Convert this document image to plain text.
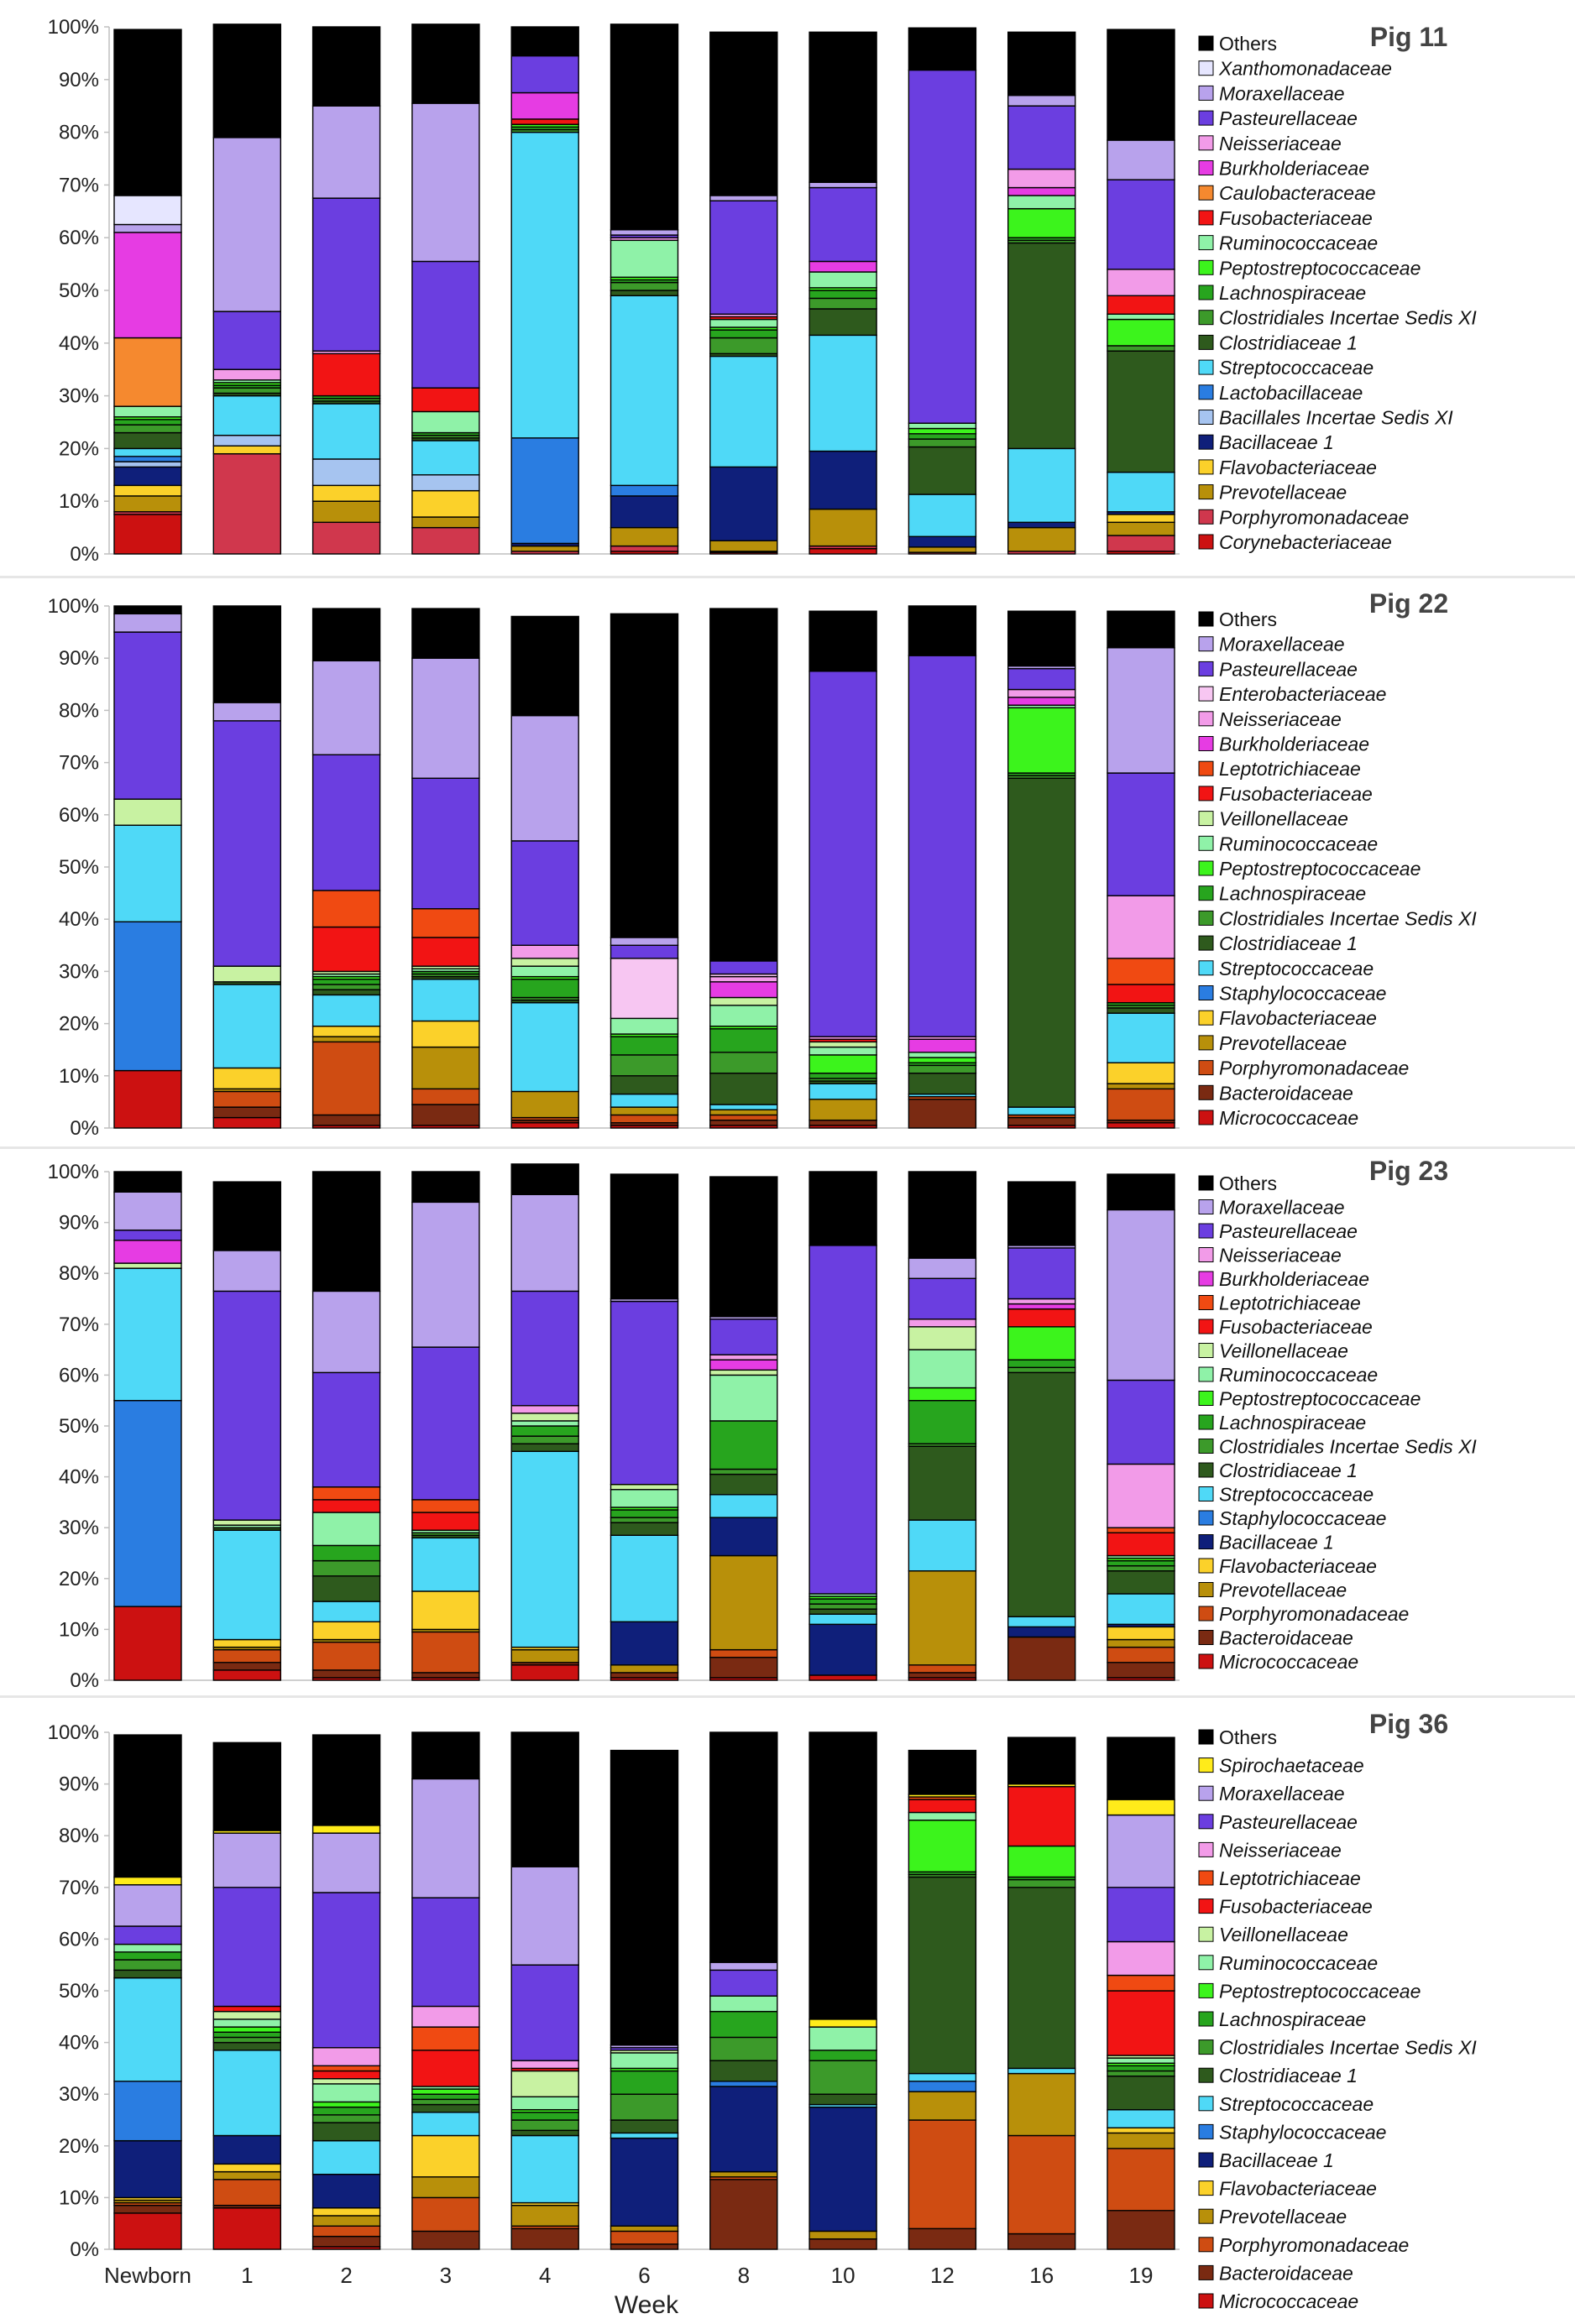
0%
10%
20%
30%
40%
50%
60%
70%
80%
90%
100%	Pig 11
Others
Xanthomonadaceae
Moraxellaceae
Pasteurellaceae
Neisseriaceae
Burkholderiaceae
Caulobacteraceae
Fusobacteriaceae
Ruminococcaceae
Peptostreptococcaceae
Lachnospiraceae
Clostridiales Incertae Sedis XI
Clostridiaceae 1
Streptococcaceae
Lactobacillaceae
Bacillales Incertae Sedis XI
Bacillaceae 1
Flavobacteriaceae
Prevotellaceae
Porphyromonadaceae
Corynebacteriaceae
0%
10%
20%
30%
40%
50%
60%
70%
80%
90%
100%	Pig 22
Others
Moraxellaceae
Pasteurellaceae
Enterobacteriaceae
Neisseriaceae
Burkholderiaceae
Leptotrichiaceae
Fusobacteriaceae
Veillonellaceae
Ruminococcaceae
Peptostreptococcaceae
Lachnospiraceae
Clostridiales Incertae Sedis XI
Clostridiaceae 1
Streptococcaceae
Staphylococcaceae
Flavobacteriaceae
Prevotellaceae
Porphyromonadaceae
Bacteroidaceae
Micrococcaceae
0%
10%
20%
30%
40%
50%
60%
70%
80%
90%
100%	Pig 23
Others
Moraxellaceae
Pasteurellaceae
Neisseriaceae
Burkholderiaceae
Leptotrichiaceae
Fusobacteriaceae
Veillonellaceae
Ruminococcaceae
Peptostreptococcaceae
Lachnospiraceae
Clostridiales Incertae Sedis XI
Clostridiaceae 1
Streptococcaceae
Staphylococcaceae
Bacillaceae 1
Flavobacteriaceae
Prevotellaceae
Porphyromonadaceae
Bacteroidaceae
Micrococcaceae
0%
10%
20%
30%
40%
50%
60%
70%
80%
90%
100%
Newborn 1	2	3	4	6	8	10	12	16	19
Week
Pig 36
Others
Spirochaetaceae
Moraxellaceae
Pasteurellaceae
Neisseriaceae
Leptotrichiaceae
Fusobacteriaceae
Veillonellaceae
Ruminococcaceae
Peptostreptococcaceae
Lachnospiraceae
Clostridiales Incertae Sedis XI
Clostridiaceae 1
Streptococcaceae
Staphylococcaceae
Bacillaceae 1
Flavobacteriaceae
Prevotellaceae
Porphyromonadaceae
Bacteroidaceae
Micrococcaceae
